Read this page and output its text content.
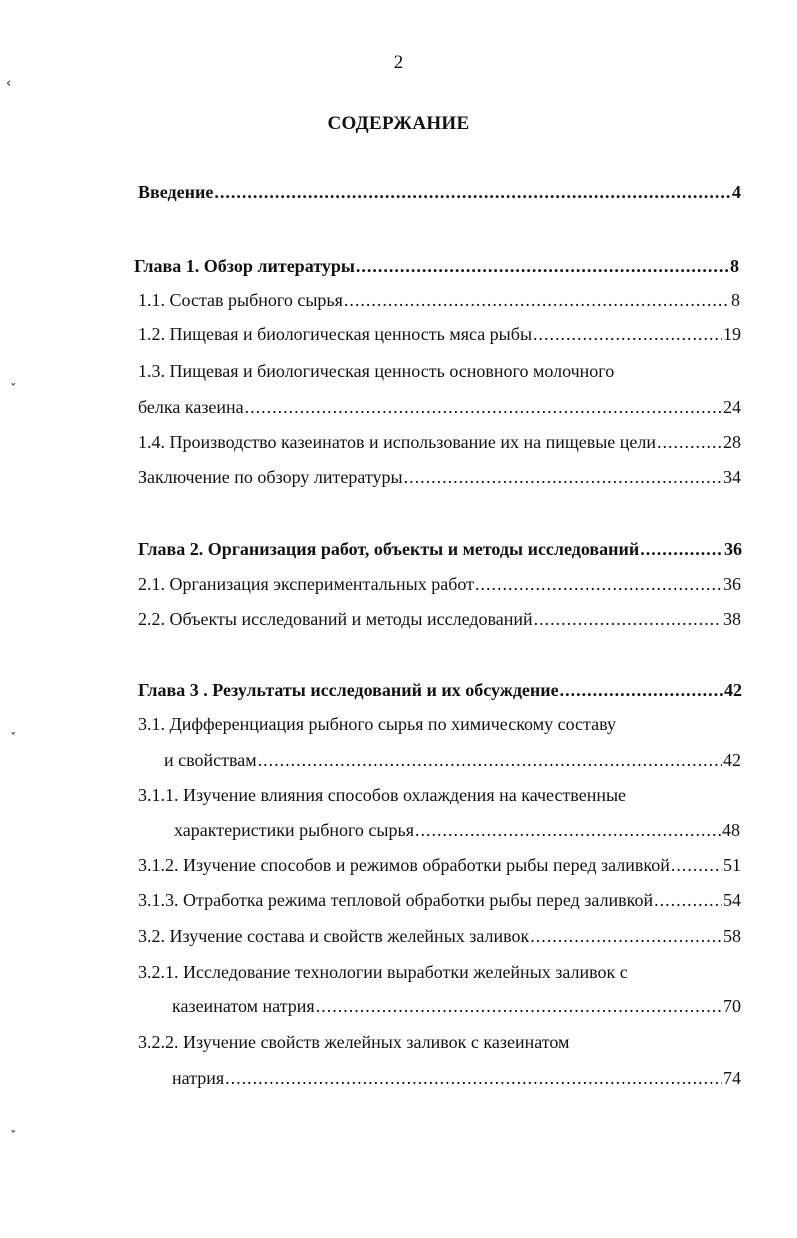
‹
ˇ
ˇ
ˇ
2
СОДЕРЖАНИЕ
Введение .....	4
Глава 1. Обзор литературы .....	8
1.1. Состав рыбного сырья .....	8
1.2. Пищевая и биологическая ценность мяса рыбы .....	19
1.3. Пищевая и биологическая ценность основного молочного
белка казеина .....	24
1.4. Производство казеинатов и использование их на пищевые цели .....	28
Заключение по обзору литературы .....	34
Глава 2. Организация работ, объекты и методы исследований .....	36
2.1. Организация экспериментальных работ .....	36
2.2. Объекты исследований и методы исследований .....	38
Глава 3 . Результаты исследований и их обсуждение .....	42
3.1. Дифференциация рыбного сырья по химическому составу
и свойствам .....	42
3.1.1. Изучение влияния способов охлаждения на качественные
характеристики рыбного сырья .....	48
3.1.2. Изучение способов и режимов обработки рыбы перед заливкой .....	51
3.1.3. Отработка режима тепловой обработки рыбы перед заливкой .....	54
3.2. Изучение состава и свойств желейных заливок .....	58
3.2.1. Исследование технологии выработки желейных заливок с
казеинатом натрия .....	70
3.2.2. Изучение свойств желейных заливок с казеинатом
натрия .....	74
